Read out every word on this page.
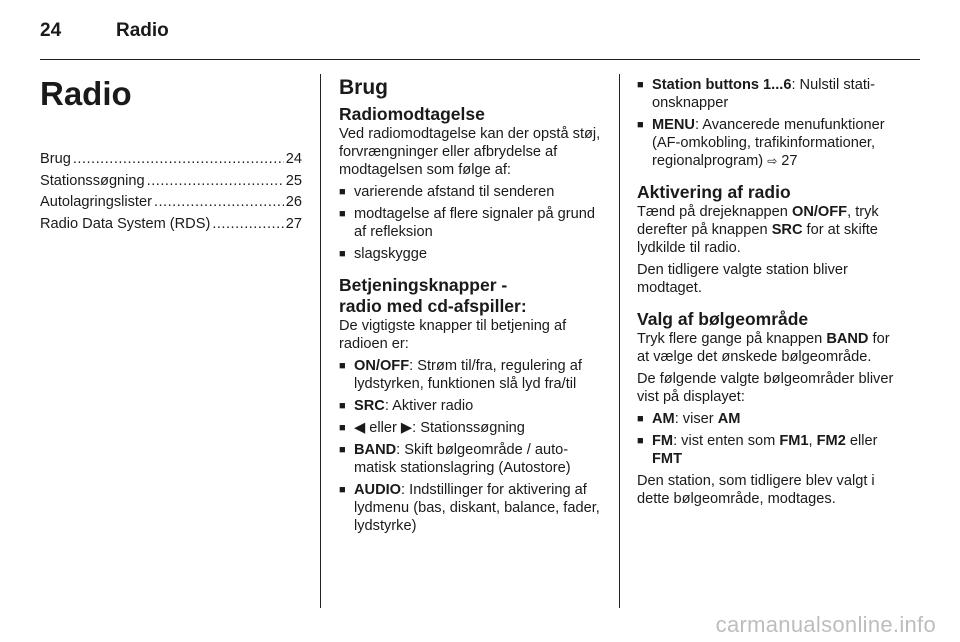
24	Radio
Radio
Brug .....	24
Stationssøgning .....	25
Autolagringslister .....	26
Radio Data System (RDS) .....	27
Brug
Radiomodtagelse

Ved radiomodtagelse kan der opstå støj, forvrængninger eller afbrydelse af modtagelsen som følge af:

■ varierende afstand til senderen
■ modtagelse af flere signaler på grund af refleksion
■ slagskygge
Betjeningsknapper -
radio med cd-afspiller:

De vigtigste knapper til betjening af radioen er:

■ ON/OFF: Strøm til/fra, regulering af lydstyrken, funktionen slå lyd fra/til
■ SRC: Aktiver radio
■ ◀ eller ▶: Stationssøgning
■ BAND: Skift bølgeområde / automatisk stationslagring (Autostore)
■ AUDIO: Indstillinger for aktivering af lydmenu (bas, diskant, balance, fader, lydstyrke)
■ Station buttons 1...6: Nulstil stationsknapper
■ MENU: Avancerede menufunktioner (AF-omkobling, trafikinformationer, regionalprogram) ⇨ 27
Aktivering af radio

Tænd på drejeknappen ON/OFF, tryk derefter på knappen SRC for at skifte lydkilde til radio.

Den tidligere valgte station bliver modtaget.

Valg af bølgeområde

Tryk flere gange på knappen BAND for at vælge det ønskede bølgeområde.

De følgende valgte bølgeområder bliver vist på displayet:

■ AM: viser AM
■ FM: vist enten som FM1, FM2 eller FMT

Den station, som tidligere blev valgt i dette bølgeområde, modtages.

carmanualsonline.info
